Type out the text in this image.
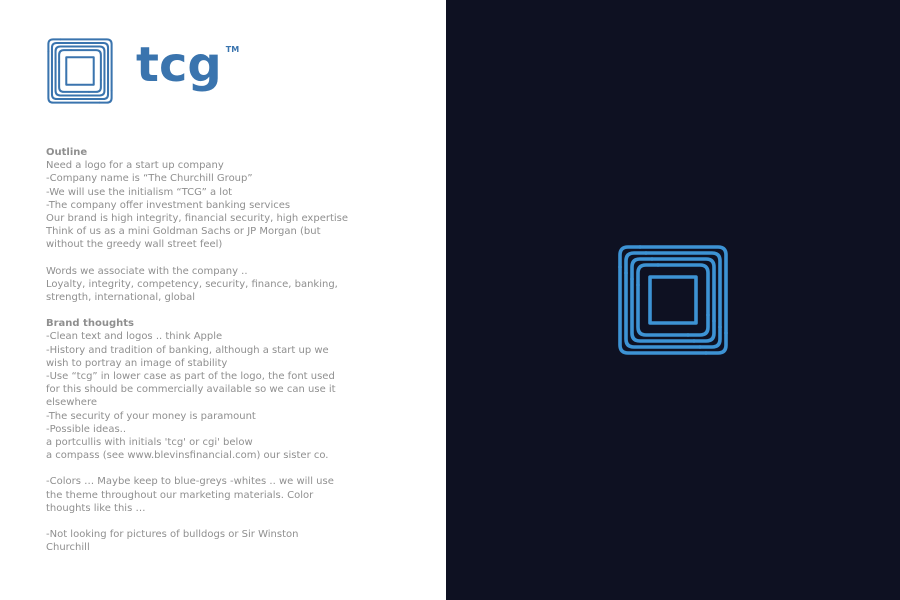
tcg TM
Outline
Need a logo for a start up company
-Company name is “The Churchill Group”
-We will use the initialism “TCG” a lot
-The company offer investment banking services
Our brand is high integrity, financial security, high expertise
Think of us as a mini Goldman Sachs or JP Morgan (but
without the greedy wall street feel)
Words we associate with the company ..
Loyalty, integrity, competency, security, finance, banking,
strength, international, global
Brand thoughts
-Clean text and logos .. think Apple
-History and tradition of banking, although a start up we
wish to portray an image of stability
-Use “tcg” in lower case as part of the logo, the font used
for this should be commercially available so we can use it
elsewhere
-The security of your money is paramount
-Possible ideas..
a portcullis with initials 'tcg' or cgi' below
a compass (see www.blevinsfinancial.com) our sister co.
-Colors … Maybe keep to blue-greys -whites .. we will use
the theme throughout our marketing materials. Color
thoughts like this …
-Not looking for pictures of bulldogs or Sir Winston
Churchill
